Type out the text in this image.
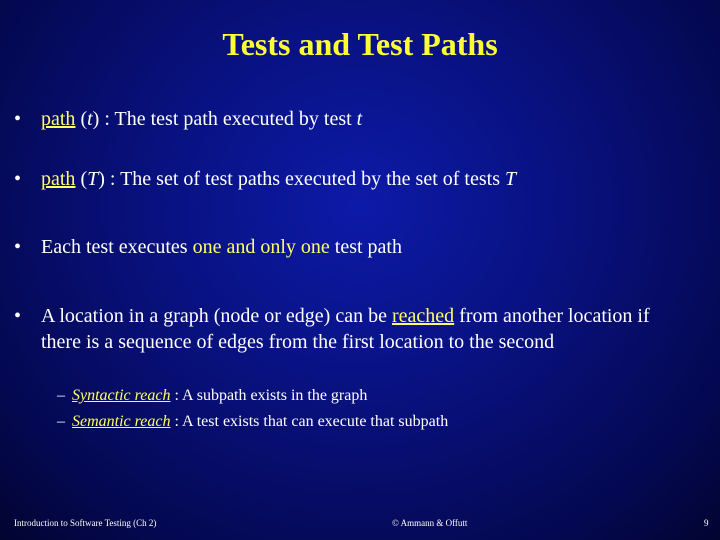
Tests and Test Paths
• path (t) : The test path executed by test t
• path (T) : The set of test paths executed by the set of tests T
• Each test executes one and only one test path
• A location in a graph (node or edge) can be reached from another location if there is a sequence of edges from the first location to the second
– Syntactic reach : A subpath exists in the graph
– Semantic reach : A test exists that can execute that subpath
Introduction to Software Testing (Ch 2)	© Ammann & Offutt	9
